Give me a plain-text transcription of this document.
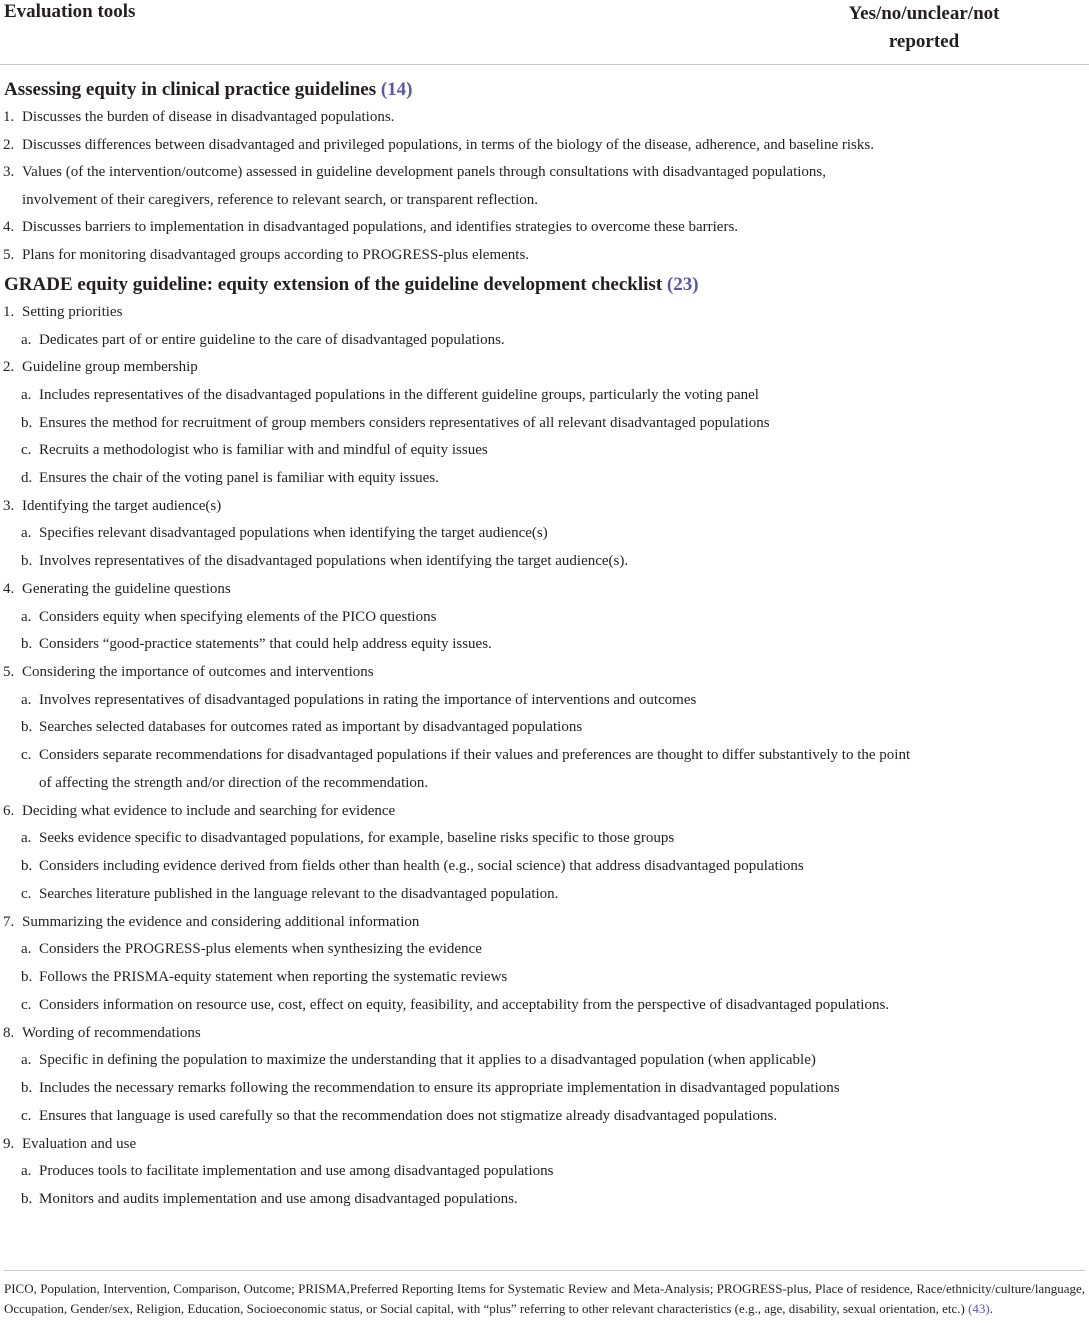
Evaluation tools	Yes/no/unclear/not
reported
Assessing equity in clinical practice guidelines (14)
1. Discusses the burden of disease in disadvantaged populations.
2. Discusses differences between disadvantaged and privileged populations, in terms of the biology of the disease, adherence, and baseline risks.
3. Values (of the intervention/outcome) assessed in guideline development panels through consultations with disadvantaged populations, involvement of their caregivers, reference to relevant search, or transparent reflection.
4. Discusses barriers to implementation in disadvantaged populations, and identifies strategies to overcome these barriers.
5. Plans for monitoring disadvantaged groups according to PROGRESS-plus elements.
GRADE equity guideline: equity extension of the guideline development checklist (23)
1. Setting priorities
a. Dedicates part of or entire guideline to the care of disadvantaged populations.
2. Guideline group membership
a. Includes representatives of the disadvantaged populations in the different guideline groups, particularly the voting panel
b. Ensures the method for recruitment of group members considers representatives of all relevant disadvantaged populations
c. Recruits a methodologist who is familiar with and mindful of equity issues
d. Ensures the chair of the voting panel is familiar with equity issues.
3. Identifying the target audience(s)
a. Specifies relevant disadvantaged populations when identifying the target audience(s)
b. Involves representatives of the disadvantaged populations when identifying the target audience(s).
4. Generating the guideline questions
a. Considers equity when specifying elements of the PICO questions
b. Considers “good-practice statements” that could help address equity issues.
5. Considering the importance of outcomes and interventions
a. Involves representatives of disadvantaged populations in rating the importance of interventions and outcomes
b. Searches selected databases for outcomes rated as important by disadvantaged populations
c. Considers separate recommendations for disadvantaged populations if their values and preferences are thought to differ substantively to the point of affecting the strength and/or direction of the recommendation.
6. Deciding what evidence to include and searching for evidence
a. Seeks evidence specific to disadvantaged populations, for example, baseline risks specific to those groups
b. Considers including evidence derived from fields other than health (e.g., social science) that address disadvantaged populations
c. Searches literature published in the language relevant to the disadvantaged population.
7. Summarizing the evidence and considering additional information
a. Considers the PROGRESS-plus elements when synthesizing the evidence
b. Follows the PRISMA-equity statement when reporting the systematic reviews
c. Considers information on resource use, cost, effect on equity, feasibility, and acceptability from the perspective of disadvantaged populations.
8. Wording of recommendations
a. Specific in defining the population to maximize the understanding that it applies to a disadvantaged population (when applicable)
b. Includes the necessary remarks following the recommendation to ensure its appropriate implementation in disadvantaged populations
c. Ensures that language is used carefully so that the recommendation does not stigmatize already disadvantaged populations.
9. Evaluation and use
a. Produces tools to facilitate implementation and use among disadvantaged populations
b. Monitors and audits implementation and use among disadvantaged populations.
PICO, Population, Intervention, Comparison, Outcome; PRISMA,Preferred Reporting Items for Systematic Review and Meta-Analysis; PROGRESS-plus, Place of residence, Race/ethnicity/culture/language, Occupation, Gender/sex, Religion, Education, Socioeconomic status, or Social capital, with “plus” referring to other relevant characteristics (e.g., age, disability, sexual orientation, etc.) (43).
